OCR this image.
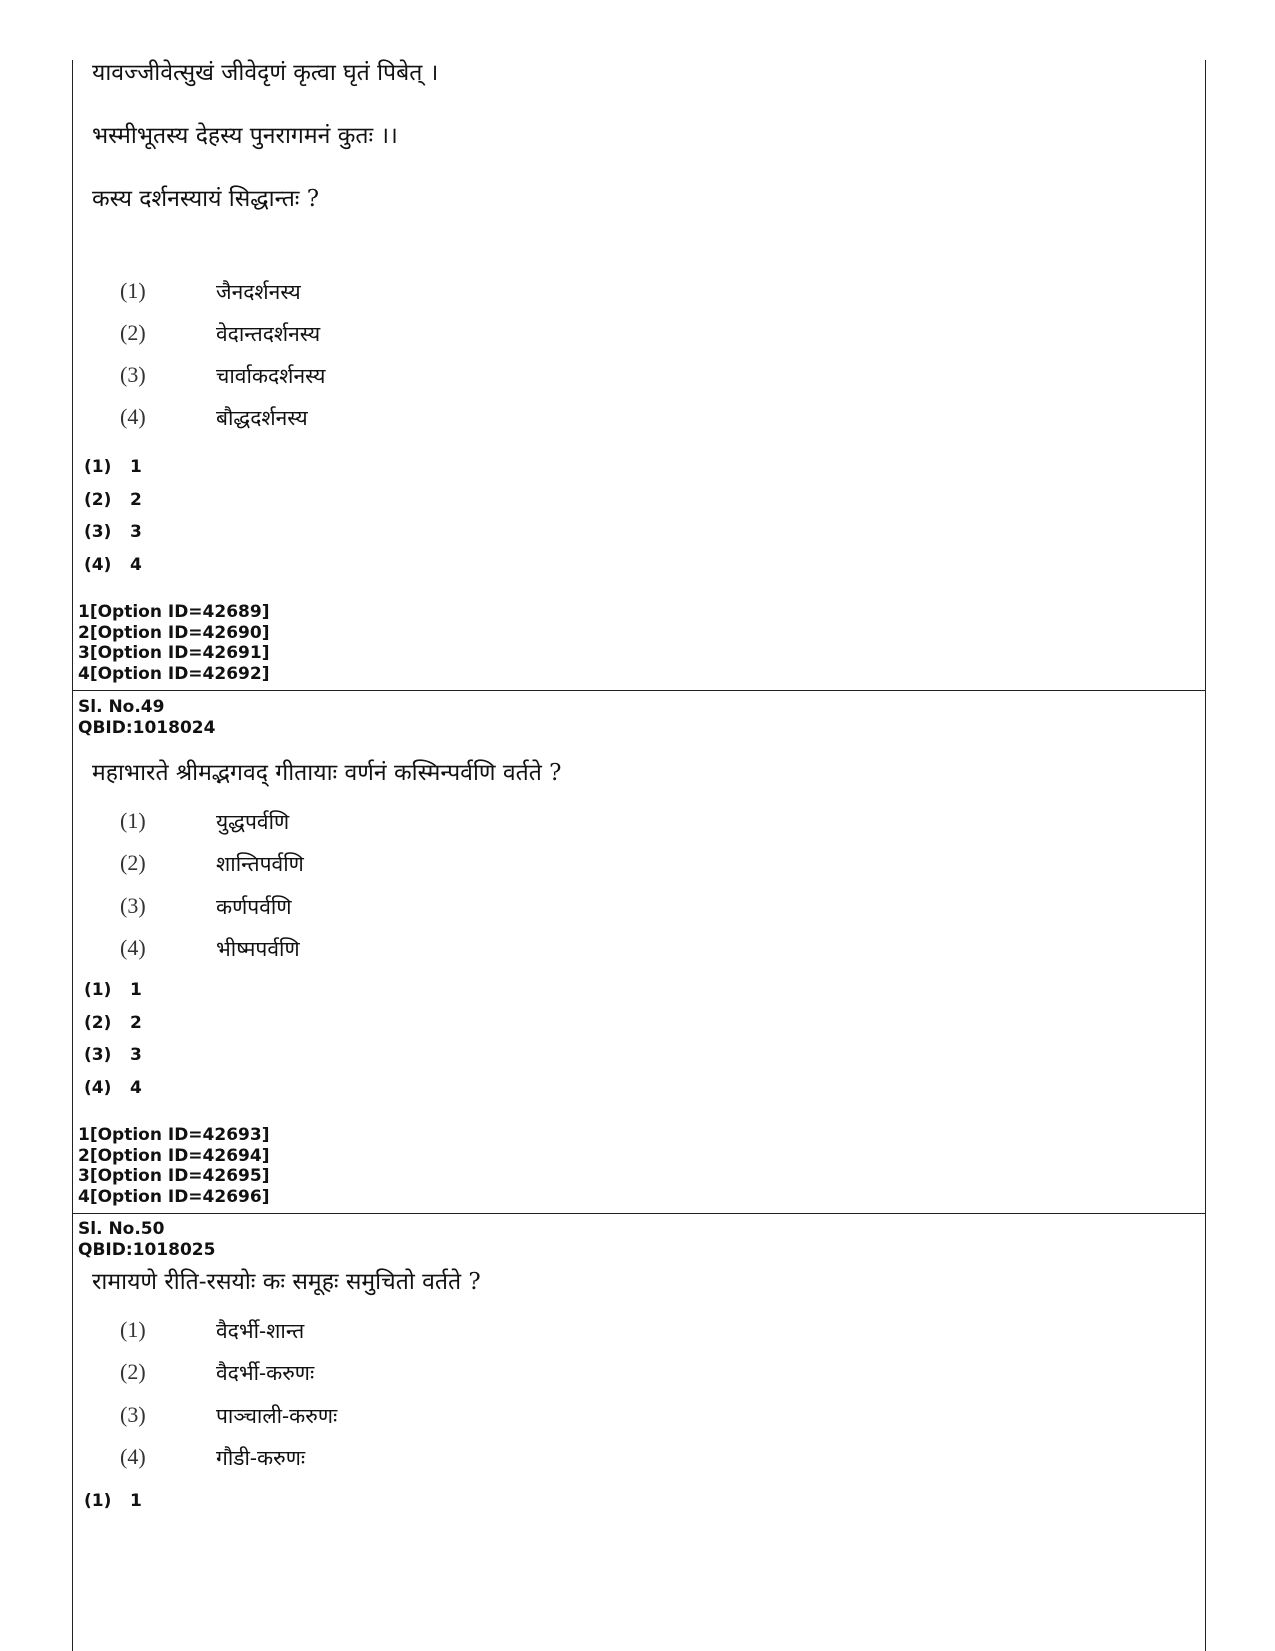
यावज्जीवेत्सुखं जीवेदृणं कृत्वा घृतं पिबेत् ।
भस्मीभूतस्य देहस्य पुनरागमनं कुतः ।।
कस्य दर्शनस्यायं सिद्धान्तः ?
(1)	जैनदर्शनस्य
(2)	वेदान्तदर्शनस्य
(3)	चार्वाकदर्शनस्य
(4)	बौद्धदर्शनस्य
(1) 1
(2) 2
(3) 3
(4) 4
1[Option ID=42689]
2[Option ID=42690]
3[Option ID=42691]
4[Option ID=42692]
Sl. No.49
QBID:1018024
महाभारते श्रीमद्भगवद् गीतायाः वर्णनं कस्मिन्पर्वणि वर्तते ?
(1)	युद्धपर्वणि
(2)	शान्तिपर्वणि
(3)	कर्णपर्वणि
(4)	भीष्मपर्वणि
(1) 1
(2) 2
(3) 3
(4) 4
1[Option ID=42693]
2[Option ID=42694]
3[Option ID=42695]
4[Option ID=42696]
Sl. No.50
QBID:1018025
रामायणे रीति-रसयोः कः समूहः समुचितो वर्तते ?
(1)	वैदर्भी-शान्त
(2)	वैदर्भी-करुणः
(3)	पाञ्चाली-करुणः
(4)	गौडी-करुणः
(1) 1
